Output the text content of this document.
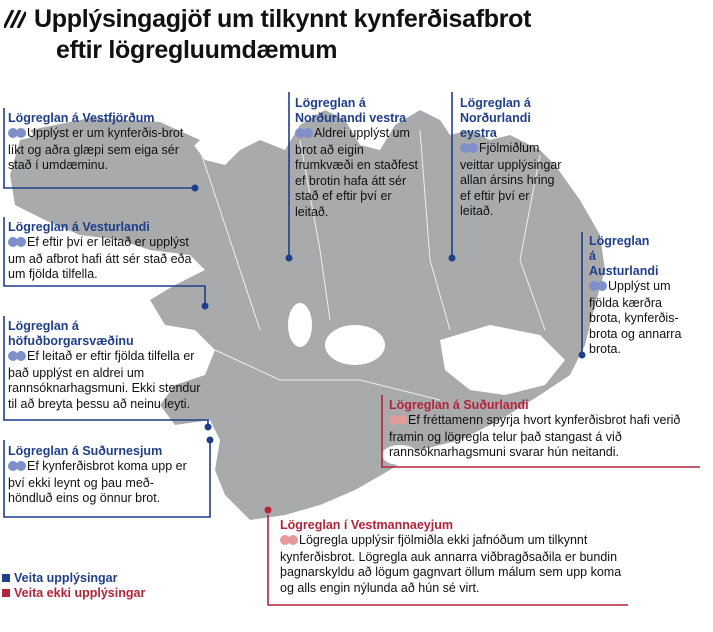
Upplýsingagjöf um tilkynnt kynferðisafbrot
eftir lögregluumdæmum
Lögreglan á Vestfjörðum
Upplýst er um kynferðis-brot líkt og aðra glæpi sem eiga sér stað í umdæminu.
Lögreglan á Vesturlandi
Ef eftir því er leitað er upplýst um að afbrot hafi átt sér stað eða um fjölda tilfella.
Lögreglan á höfuðborgarsvæðinu
Ef leitað er eftir fjölda tilfella er það upplýst en aldrei um rannsóknarhagsmuni. Ekki stendur til að breyta þessu að neinu leyti.
Lögreglan á Suðurnesjum
Ef kynferðisbrot koma upp er því ekki leynt og þau með-höndluð eins og önnur brot.
Lögreglan á Norðurlandi vestra
Aldrei upplýst um brot að eigin frumkvæði en staðfest ef brotin hafa átt sér stað ef eftir því er leitað.
Lögreglan á Norðurlandi eystra
Fjölmiðlum veittar upplýsingar allan ársins hring ef eftir því er leitað.
Lögreglan á Austurlandi
Upplýst um fjölda kærðra brota, kynferðis-brota og annarra brota.
Lögreglan á Suðurlandi
Ef fréttamenn spyrja hvort kynferðisbrot hafi verið framin og lögregla telur það stangast á við rannsóknarhagsmuni svarar hún neitandi.
Lögreglan í Vestmannaeyjum
Lögregla upplýsir fjölmiðla ekki jafnóðum um tilkynnt kynferðisbrot. Lögregla auk annarra viðbragðsaðila er bundin þagnarskyldu að lögum gagnvart öllum málum sem upp koma og alls engin nýlunda að hún sé virt.
Veita upplýsingar
Veita ekki upplýsingar
